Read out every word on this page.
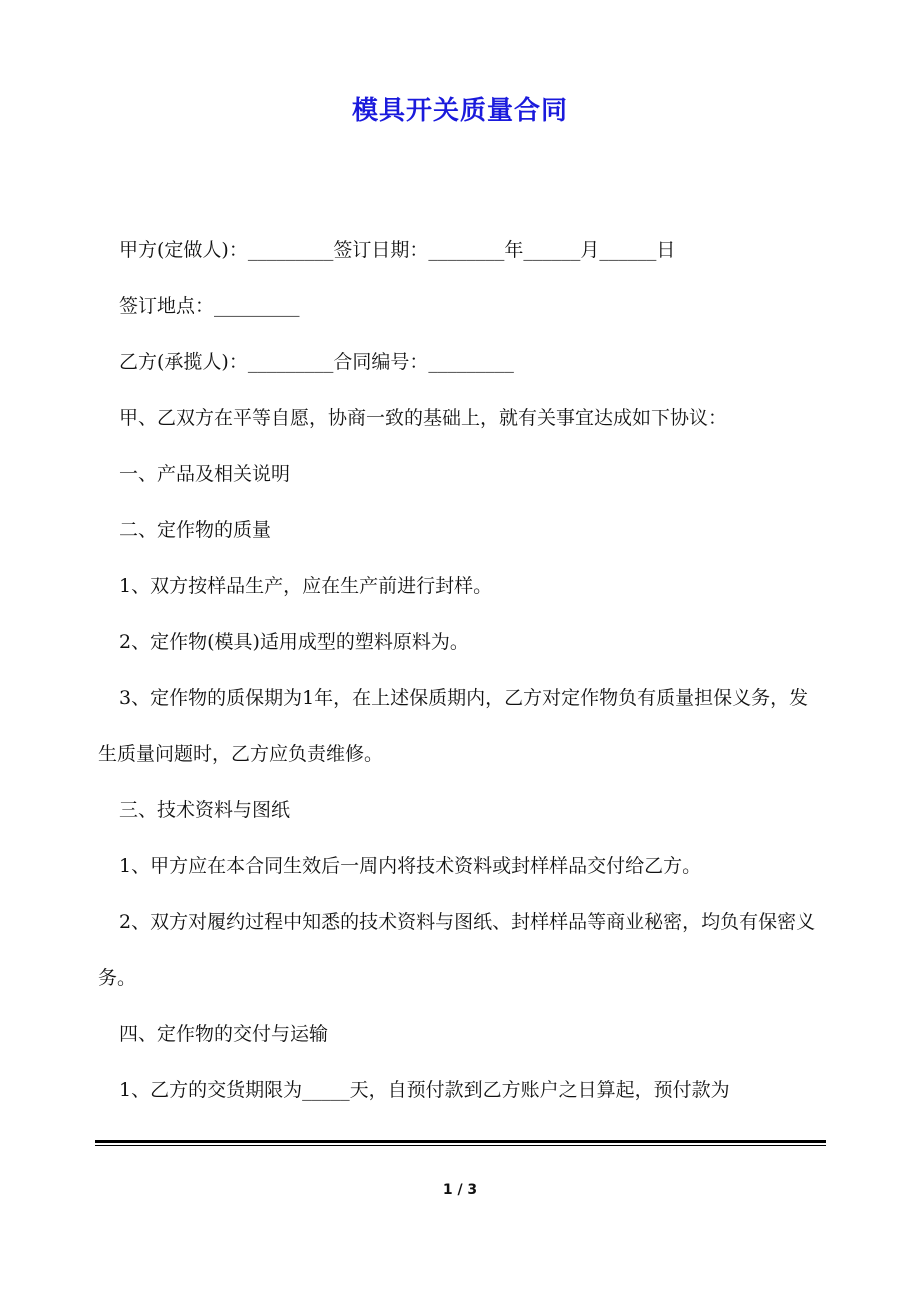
模具开关质量合同

甲方(定做人)：_________签订日期：________年______月______日

签订地点：_________

乙方(承揽人)：_________合同编号：_________

甲、乙双方在平等自愿，协商一致的基础上，就有关事宜达成如下协议：

一、产品及相关说明

二、定作物的质量

1、双方按样品生产，应在生产前进行封样。

2、定作物(模具)适用成型的塑料原料为。

3、定作物的质保期为1年，在上述保质期内，乙方对定作物负有质量担保义务，发生质量问题时，乙方应负责维修。

三、技术资料与图纸

1、甲方应在本合同生效后一周内将技术资料或封样样品交付给乙方。

2、双方对履约过程中知悉的技术资料与图纸、封样样品等商业秘密，均负有保密义务。

四、定作物的交付与运输

1、乙方的交货期限为_____天，自预付款到乙方账户之日算起，预付款为

1 / 3
